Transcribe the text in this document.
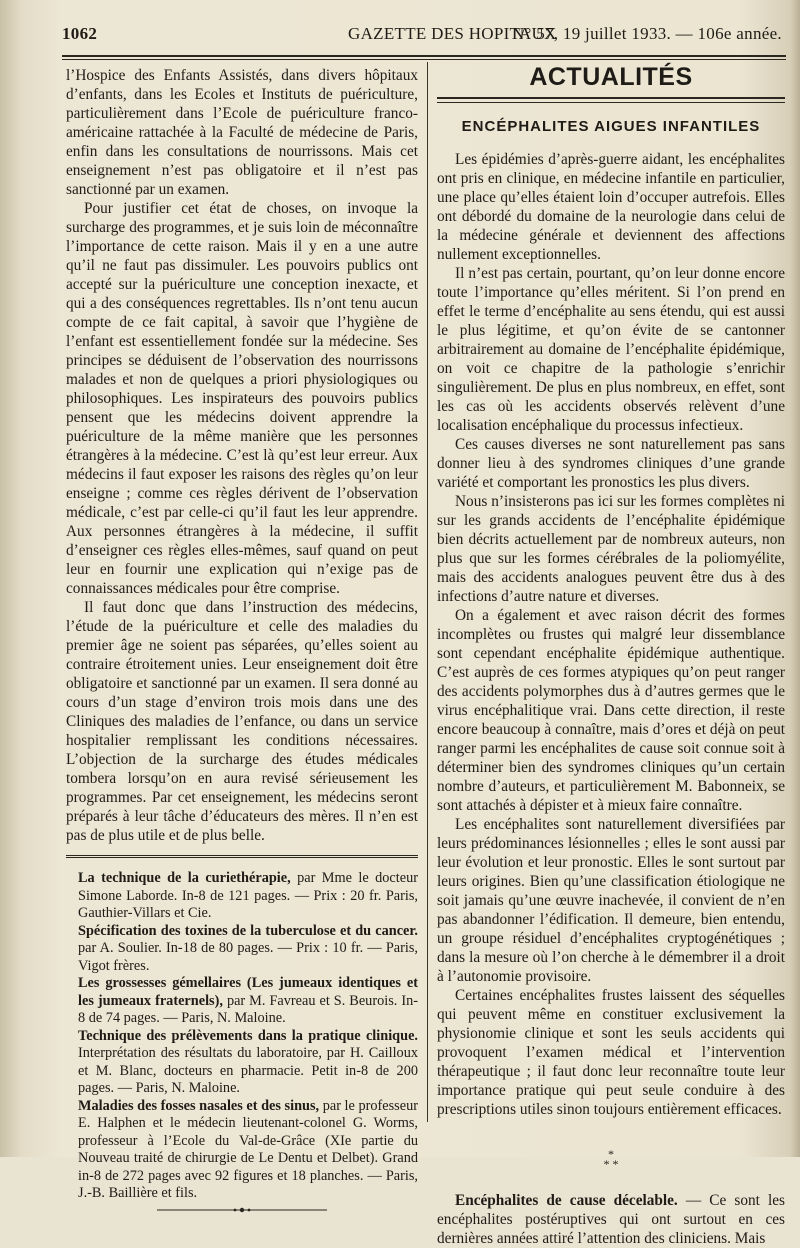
1062	GAZETTE DES HOPITAUX
N° 57, 19 juillet 1933. — 106e année.

l’Hospice des Enfants Assistés, dans divers hôpitaux d’enfants, dans les Ecoles et Instituts de puériculture, particulièrement dans l’Ecole de puériculture franco-américaine rattachée à la Faculté de médecine de Paris, enfin dans les consultations de nourrissons. Mais cet enseignement n’est pas obligatoire et il n’est pas sanctionné par un examen.

Pour justifier cet état de choses, on invoque la surcharge des programmes, et je suis loin de méconnaître l’importance de cette raison. Mais il y en a une autre qu’il ne faut pas dissimuler. Les pouvoirs publics ont accepté sur la puériculture une conception inexacte, et qui a des conséquences regrettables. Ils n’ont tenu aucun compte de ce fait capital, à savoir que l’hygiène de l’enfant est essentiellement fondée sur la médecine. Ses principes se déduisent de l’observation des nourrissons malades et non de quelques a priori physiologiques ou philosophiques. Les inspirateurs des pouvoirs publics pensent que les médecins doivent apprendre la puériculture de la même manière que les personnes étrangères à la médecine. C’est là qu’est leur erreur. Aux médecins il faut exposer les raisons des règles qu’on leur enseigne ; comme ces règles dérivent de l’observation médicale, c’est par celle-ci qu’il faut les leur apprendre. Aux personnes étrangères à la médecine, il suffit d’enseigner ces règles elles-mêmes, sauf quand on peut leur en fournir une explication qui n’exige pas de connaissances médicales pour être comprise.

Il faut donc que dans l’instruction des médecins, l’étude de la puériculture et celle des maladies du premier âge ne soient pas séparées, qu’elles soient au contraire étroitement unies. Leur enseignement doit être obligatoire et sanctionné par un examen. Il sera donné au cours d’un stage d’environ trois mois dans une des Cliniques des maladies de l’enfance, ou dans un service hospitalier remplissant les conditions nécessaires. L’objection de la surcharge des études médicales tombera lorsqu’on en aura revisé sérieusement les programmes. Par cet enseignement, les médecins seront préparés à leur tâche d’éducateurs des mères. Il n’en est pas de plus utile et de plus belle.

La technique de la curiethérapie, par Mme le docteur Simone Laborde. In-8 de 121 pages. — Prix : 20 fr. Paris, Gauthier-Villars et Cie.

Spécification des toxines de la tuberculose et du cancer. par A. Soulier. In-18 de 80 pages. — Prix : 10 fr. — Paris, Vigot frères.

Les grossesses gémellaires (Les jumeaux identiques et les jumeaux fraternels), par M. Favreau et S. Beurois. In-8 de 74 pages. — Paris, N. Maloine.

Technique des prélèvements dans la pratique clinique. Interprétation des résultats du laboratoire, par H. Cailloux et M. Blanc, docteurs en pharmacie. Petit in-8 de 200 pages. — Paris, N. Maloine.

Maladies des fosses nasales et des sinus, par le professeur E. Halphen et le médecin lieutenant-colonel G. Worms, professeur à l’Ecole du Val-de-Grâce (XIe partie du Nouveau traité de chirurgie de Le Dentu et Delbet). Grand in-8 de 272 pages avec 92 figures et 18 planches. — Paris, J.-B. Baillière et fils.

ACTUALITÉS
ENCÉPHALITES AIGUES INFANTILES

Les épidémies d’après-guerre aidant, les encéphalites ont pris en clinique, en médecine infantile en particulier, une place qu’elles étaient loin d’occuper autrefois. Elles ont débordé du domaine de la neurologie dans celui de la médecine générale et deviennent des affections nullement exceptionnelles.

Il n’est pas certain, pourtant, qu’on leur donne encore toute l’importance qu’elles méritent. Si l’on prend en effet le terme d’encéphalite au sens étendu, qui est aussi le plus légitime, et qu’on évite de se cantonner arbitrairement au domaine de l’encéphalite épidémique, on voit ce chapitre de la pathologie s’enrichir singulièrement. De plus en plus nombreux, en effet, sont les cas où les accidents observés relèvent d’une localisation encéphalique du processus infectieux.

Ces causes diverses ne sont naturellement pas sans donner lieu à des syndromes cliniques d’une grande variété et comportant les pronostics les plus divers.

Nous n’insisterons pas ici sur les formes complètes ni sur les grands accidents de l’encéphalite épidémique bien décrits actuellement par de nombreux auteurs, non plus que sur les formes cérébrales de la poliomyélite, mais des accidents analogues peuvent être dus à des infections d’autre nature et diverses.

On a également et avec raison décrit des formes incomplètes ou frustes qui malgré leur dissemblance sont cependant encéphalite épidémique authentique. C’est auprès de ces formes atypiques qu’on peut ranger des accidents polymorphes dus à d’autres germes que le virus encéphalitique vrai. Dans cette direction, il reste encore beaucoup à connaître, mais d’ores et déjà on peut ranger parmi les encéphalites de cause soit connue soit à déterminer bien des syndromes cliniques qu’un certain nombre d’auteurs, et particulièrement M. Babonneix, se sont attachés à dépister et à mieux faire connaître.

Les encéphalites sont naturellement diversifiées par leurs prédominances lésionnelles ; elles le sont aussi par leur évolution et leur pronostic. Elles le sont surtout par leurs origines. Bien qu’une classification étiologique ne soit jamais qu’une œuvre inachevée, il convient de n’en pas abandonner l’édification. Il demeure, bien entendu, un groupe résiduel d’encéphalites cryptogénétiques ; dans la mesure où l’on cherche à le démembrer il a droit à l’autonomie provisoire.

Certaines encéphalites frustes laissent des séquelles qui peuvent même en constituer exclusivement la physionomie clinique et sont les seuls accidents qui provoquent l’examen médical et l’intervention thérapeutique ; il faut donc leur reconnaître toute leur importance pratique qui peut seule conduire à des prescriptions utiles sinon toujours entièrement efficaces.

*
* *

Encéphalites de cause décelable. — Ce sont les encéphalites postéruptives qui ont surtout en ces dernières années attiré l’attention des cliniciens. Mais
